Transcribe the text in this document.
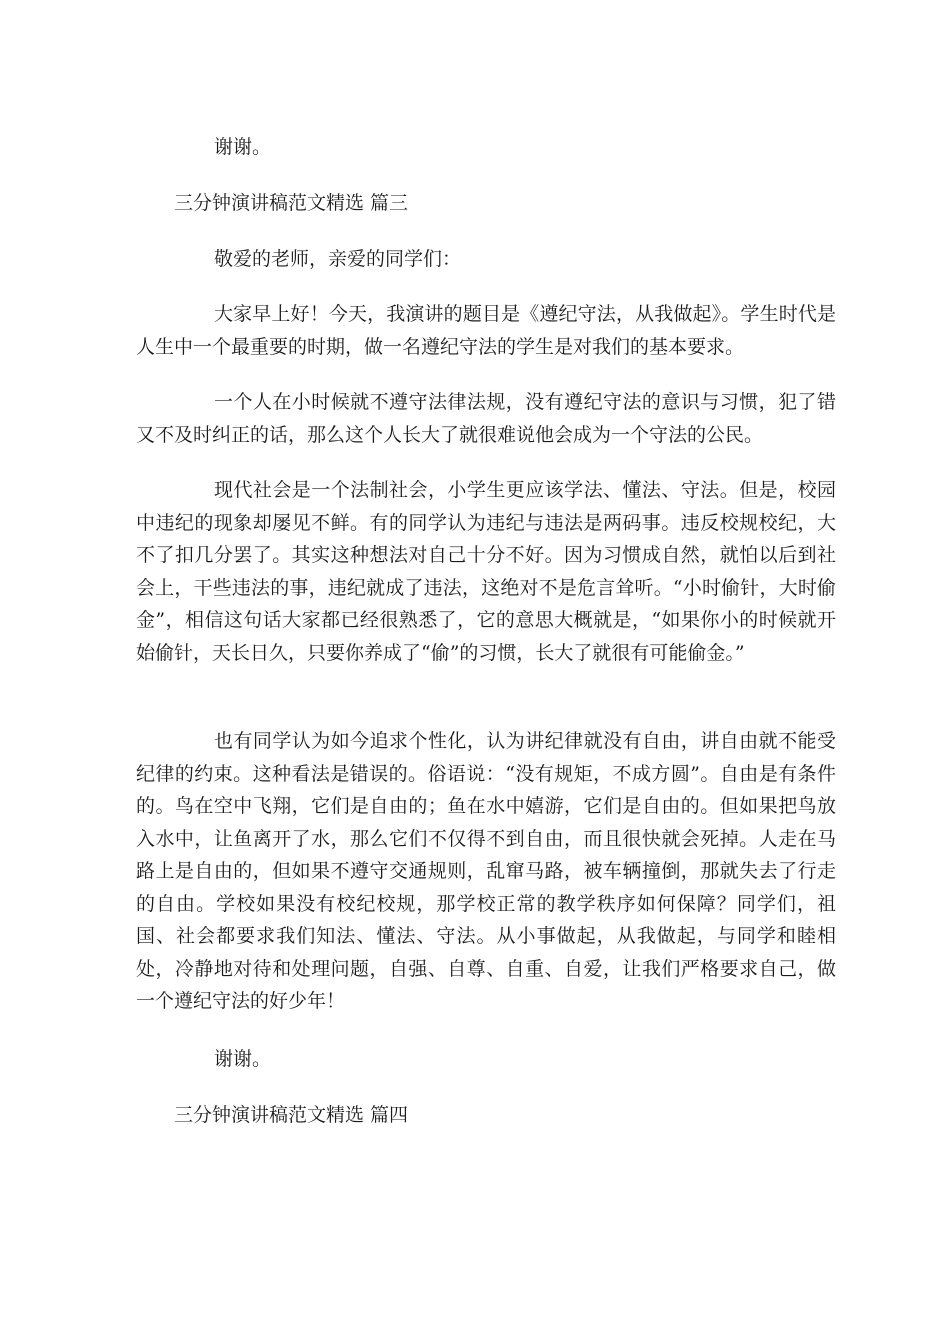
谢谢。

三分钟演讲稿范文精选 篇三

敬爱的老师，亲爱的同学们：

大家早上好！今天，我演讲的题目是《遵纪守法，从我做起》。学生时代是人生中一个最重要的时期，做一名遵纪守法的学生是对我们的基本要求。

一个人在小时候就不遵守法律法规，没有遵纪守法的意识与习惯，犯了错又不及时纠正的话，那么这个人长大了就很难说他会成为一个守法的公民。

现代社会是一个法制社会，小学生更应该学法、懂法、守法。但是，校园中违纪的现象却屡见不鲜。有的同学认为违纪与违法是两码事。违反校规校纪，大不了扣几分罢了。其实这种想法对自己十分不好。因为习惯成自然，就怕以后到社会上，干些违法的事，违纪就成了违法，这绝对不是危言耸听。“小时偷针，大时偷金”，相信这句话大家都已经很熟悉了，它的意思大概就是，“如果你小的时候就开始偷针，天长日久，只要你养成了“偷”的习惯，长大了就很有可能偷金。”

也有同学认为如今追求个性化，认为讲纪律就没有自由，讲自由就不能受纪律的约束。这种看法是错误的。俗语说：“没有规矩，不成方圆”。自由是有条件的。鸟在空中飞翔，它们是自由的；鱼在水中嬉游，它们是自由的。但如果把鸟放入水中，让鱼离开了水，那么它们不仅得不到自由，而且很快就会死掉。人走在马路上是自由的，但如果不遵守交通规则，乱窜马路，被车辆撞倒，那就失去了行走的自由。学校如果没有校纪校规，那学校正常的教学秩序如何保障？同学们，祖国、社会都要求我们知法、懂法、守法。从小事做起，从我做起，与同学和睦相处，冷静地对待和处理问题，自强、自尊、自重、自爱，让我们严格要求自己，做一个遵纪守法的好少年！

谢谢。

三分钟演讲稿范文精选 篇四
